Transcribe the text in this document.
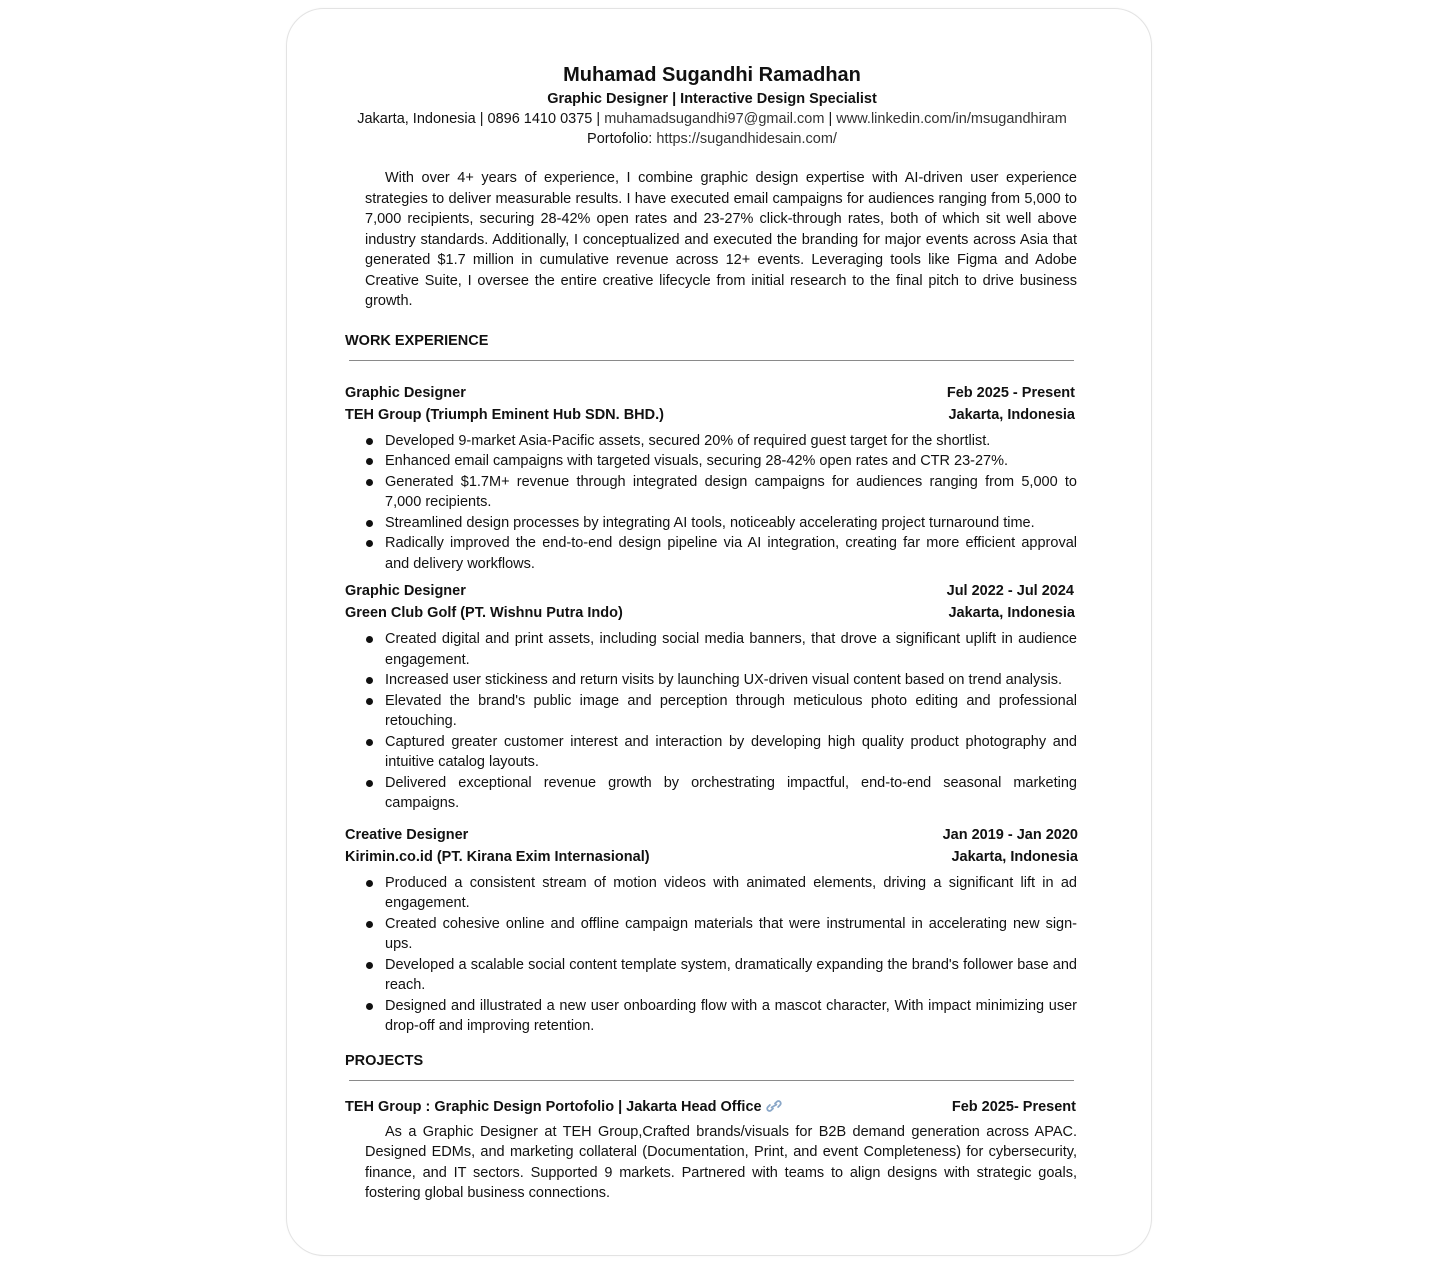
Muhamad Sugandhi Ramadhan
Graphic Designer | Interactive Design Specialist
Jakarta, Indonesia | 0896 1410 0375 | muhamadsugandhi97@gmail.com | www.linkedin.com/in/msugandhiram
Portofolio: https://sugandhidesain.com/
With over 4+ years of experience, I combine graphic design expertise with AI-driven user experience strategies to deliver measurable results. I have executed email campaigns for audiences ranging from 5,000 to 7,000 recipients, securing 28-42% open rates and 23-27% click-through rates, both of which sit well above industry standards. Additionally, I conceptualized and executed the branding for major events across Asia that generated $1.7 million in cumulative revenue across 12+ events. Leveraging tools like Figma and Adobe Creative Suite, I oversee the entire creative lifecycle from initial research to the final pitch to drive business growth.
WORK EXPERIENCE
Graphic Designer	Feb 2025 - Present
TEH Group (Triumph Eminent Hub SDN. BHD.)	Jakarta, Indonesia
Developed 9-market Asia-Pacific assets, secured 20% of required guest target for the shortlist.
Enhanced email campaigns with targeted visuals, securing 28-42% open rates and CTR 23-27%.
Generated $1.7M+ revenue through integrated design campaigns for audiences ranging from 5,000 to 7,000 recipients.
Streamlined design processes by integrating AI tools, noticeably accelerating project turnaround time.
Radically improved the end-to-end design pipeline via AI integration, creating far more efficient approval and delivery workflows.
Graphic Designer	Jul 2022 - Jul 2024
Green Club Golf (PT. Wishnu Putra Indo)	Jakarta, Indonesia
Created digital and print assets, including social media banners, that drove a significant uplift in audience engagement.
Increased user stickiness and return visits by launching UX-driven visual content based on trend analysis.
Elevated the brand's public image and perception through meticulous photo editing and professional retouching.
Captured greater customer interest and interaction by developing high quality product photography and intuitive catalog layouts.
Delivered exceptional revenue growth by orchestrating impactful, end-to-end seasonal marketing campaigns.
Creative Designer	Jan 2019 - Jan 2020
Kirimin.co.id (PT. Kirana Exim Internasional)	Jakarta, Indonesia
Produced a consistent stream of motion videos with animated elements, driving a significant lift in ad engagement.
Created cohesive online and offline campaign materials that were instrumental in accelerating new sign-ups.
Developed a scalable social content template system, dramatically expanding the brand's follower base and reach.
Designed and illustrated a new user onboarding flow with a mascot character, With impact minimizing user drop-off and improving retention.
PROJECTS
TEH Group : Graphic Design Portofolio | Jakarta Head Office	Feb 2025- Present
As a Graphic Designer at TEH Group,Crafted brands/visuals for B2B demand generation across APAC. Designed EDMs, and marketing collateral (Documentation, Print, and event Completeness) for cybersecurity, finance, and IT sectors. Supported 9 markets. Partnered with teams to align designs with strategic goals, fostering global business connections.
